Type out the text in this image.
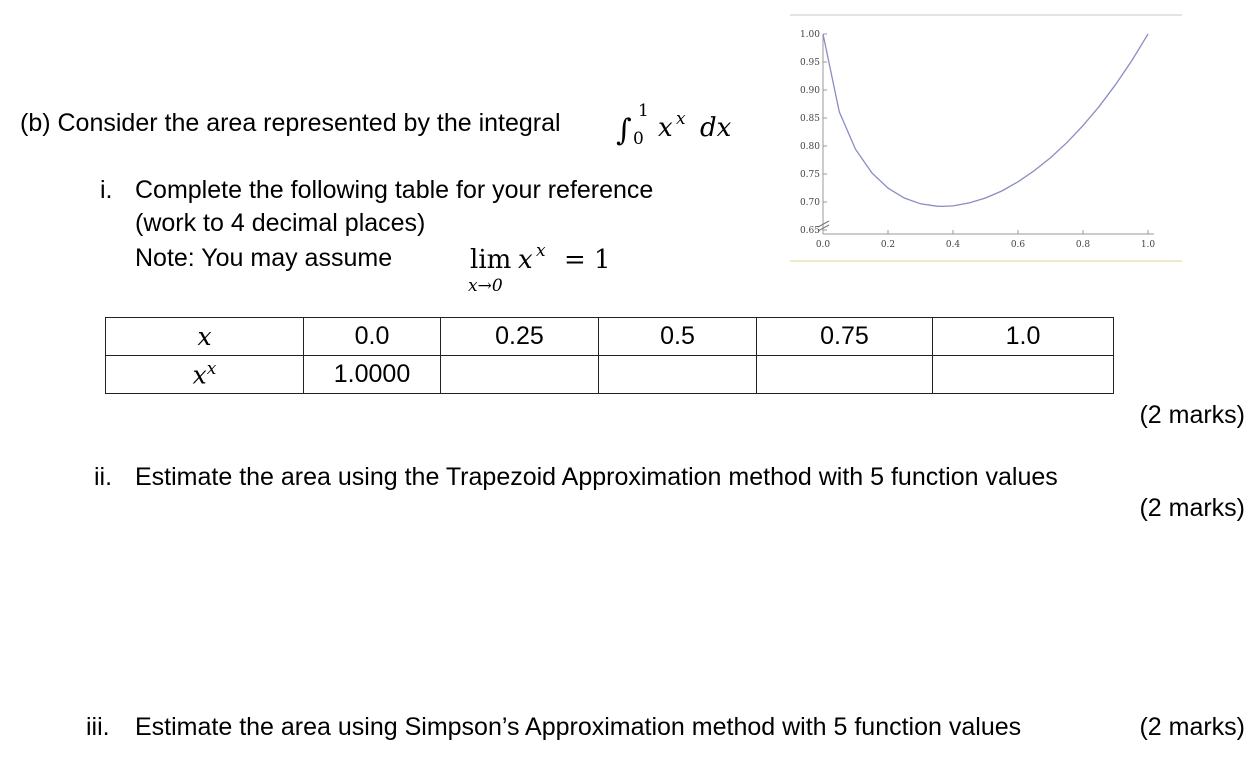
(b) Consider the area represented by the integral ∫
1
0 x x dx
i. Complete the following table for your reference
(work to 4 decimal places)
Note: You may assume	lim x x = 1
x→0
x	0.0	0.25	0.5	0.75	1.0
$x^x$	1.0000				
(2 marks)
ii. Estimate the area using the Trapezoid Approximation method with 5 function values
(2 marks)
iii. Estimate the area using Simpson’s Approximation method with 5 function values	(2 marks)
0.65
0.70
0.75
0.80
0.85
0.90
0.95
1.00
0.0	0.2	0.4	0.6	0.8	1.0
